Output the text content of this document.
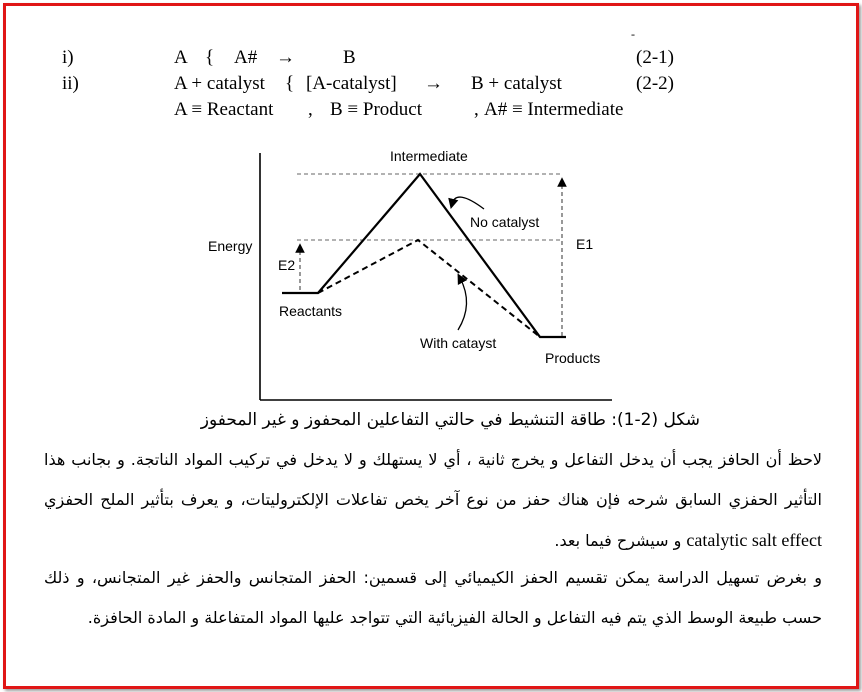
-
i)	A { A# →	B	(2-1)
ii)	A + catalyst { [A-catalyst] → B + catalyst	(2-2)
A ≡ Reactant , B ≡ Product	, A# ≡ Intermediate
Intermediate
Energy
No catalyst
E1
E2
Reactants
With catayst
Products
شكل (2-1): طاقة التنشيط في حالتي التفاعلين المحفوز و غير المحفوز
لاحظ أن الحافز يجب أن يدخل التفاعل و يخرج ثانية ، أي لا يستهلك و لا يدخل في تركيب المواد الناتجة. و بجانب هذا التأثير الحفزي السابق شرحه فإن هناك حفز من نوع آخر يخص تفاعلات الإلكتروليتات، و يعرف بتأثير الملح الحفزي catalytic salt effect و سيشرح فيما بعد.
و بغرض تسهيل الدراسة يمكن تقسيم الحفز الكيميائي إلى قسمين: الحفز المتجانس والحفز غير المتجانس، و ذلك حسب طبيعة الوسط الذي يتم فيه التفاعل و الحالة الفيزيائية التي تتواجد عليها المواد المتفاعلة و المادة الحافزة.
